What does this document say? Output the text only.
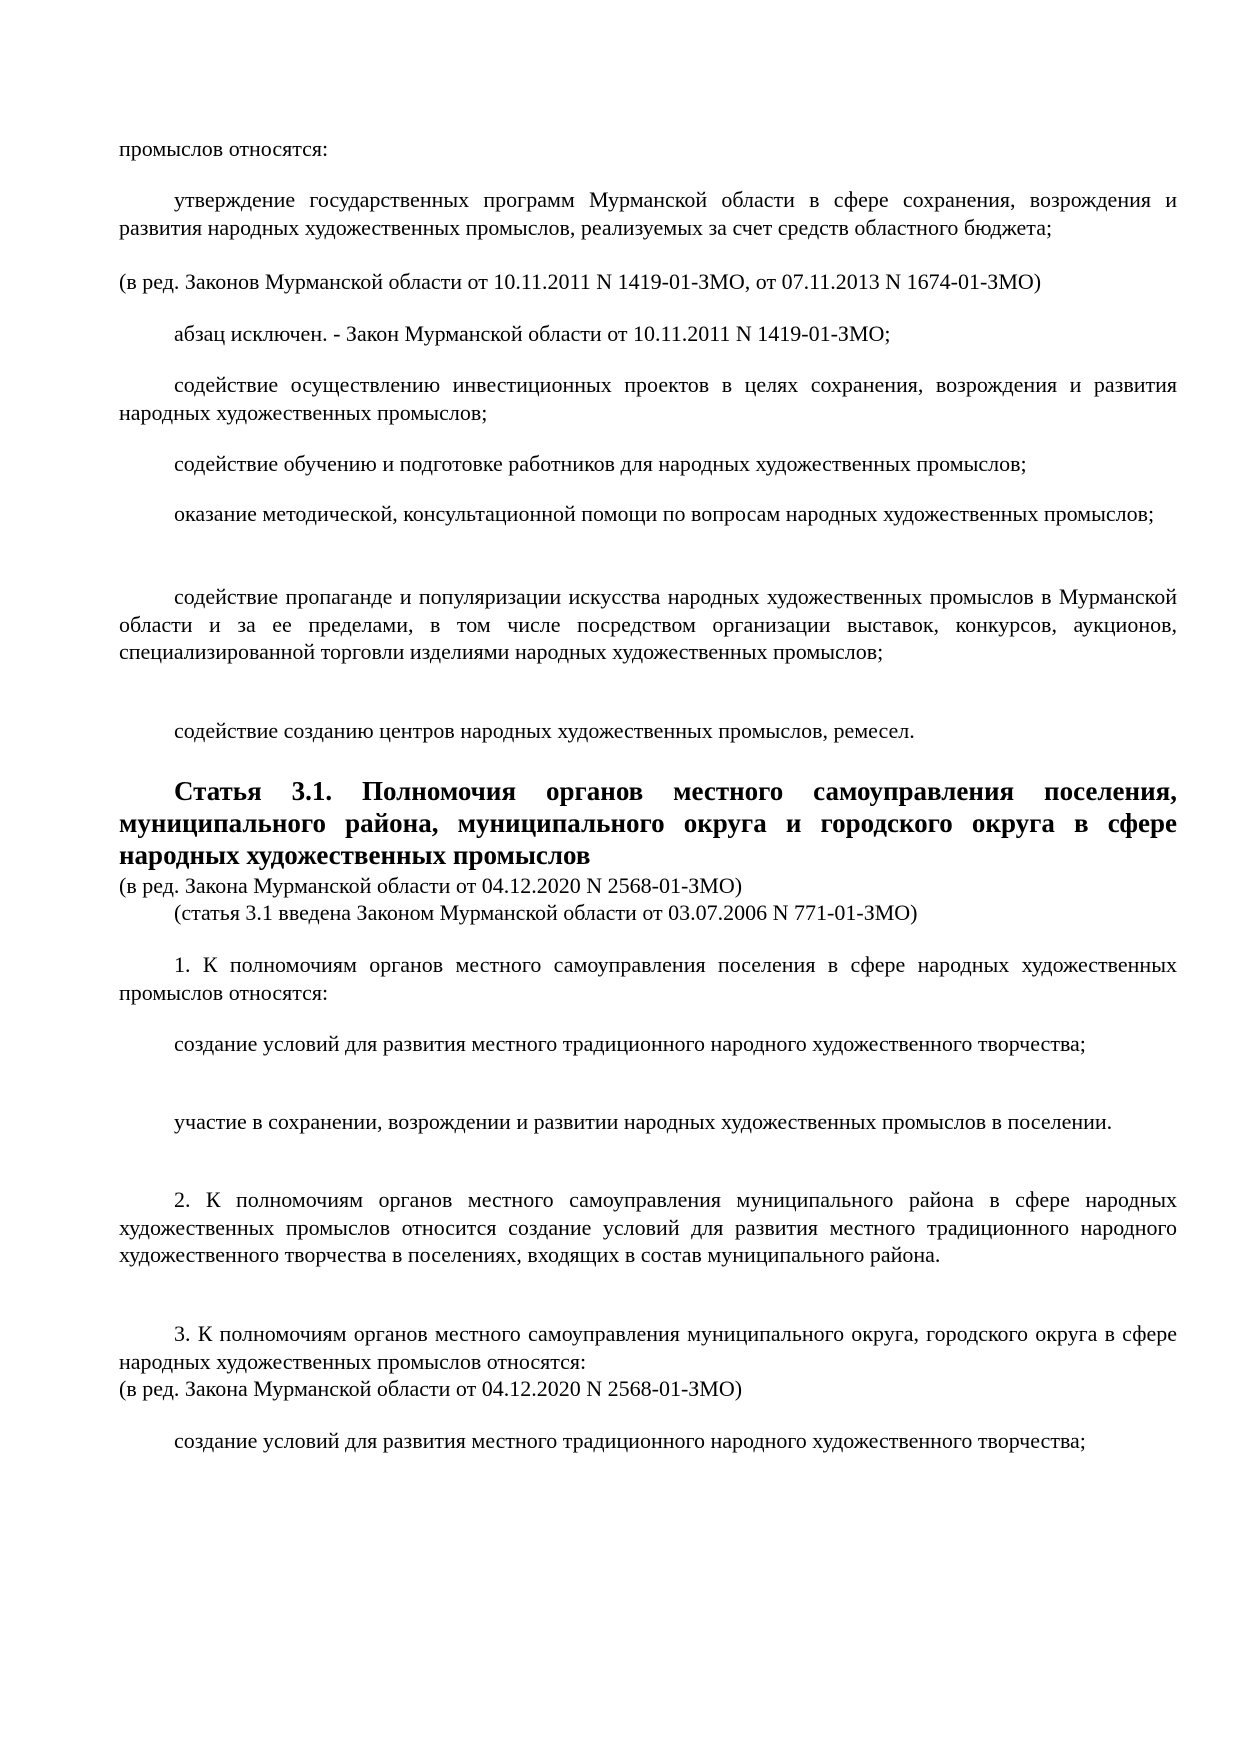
промыслов относятся:
утверждение государственных программ Мурманской области в сфере сохранения, возрождения и развития народных художественных промыслов, реализуемых за счет средств областного бюджета;
(в ред. Законов Мурманской области от 10.11.2011 N 1419-01-ЗМО, от 07.11.2013 N 1674-01-ЗМО)
абзац исключен. - Закон Мурманской области от 10.11.2011 N 1419-01-ЗМО;
содействие осуществлению инвестиционных проектов в целях сохранения, возрождения и развития народных художественных промыслов;
содействие обучению и подготовке работников для народных художественных промыслов;
оказание методической, консультационной помощи по вопросам народных художественных промыслов;
содействие пропаганде и популяризации искусства народных художественных промыслов в Мурманской области и за ее пределами, в том числе посредством организации выставок, конкурсов, аукционов, специализированной торговли изделиями народных художественных промыслов;
содействие созданию центров народных художественных промыслов, ремесел.
Статья 3.1. Полномочия органов местного самоуправления поселения, муниципального района, муниципального округа и городского округа в сфере народных художественных промыслов
(в ред. Закона Мурманской области от 04.12.2020 N 2568-01-ЗМО)
(статья 3.1 введена Законом Мурманской области от 03.07.2006 N 771-01-ЗМО)
1. К полномочиям органов местного самоуправления поселения в сфере народных художественных промыслов относятся:
создание условий для развития местного традиционного народного художественного творчества;
участие в сохранении, возрождении и развитии народных художественных промыслов в поселении.
2. К полномочиям органов местного самоуправления муниципального района в сфере народных художественных промыслов относится создание условий для развития местного традиционного народного художественного творчества в поселениях, входящих в состав муниципального района.
3. К полномочиям органов местного самоуправления муниципального округа, городского округа в сфере народных художественных промыслов относятся:
(в ред. Закона Мурманской области от 04.12.2020 N 2568-01-ЗМО)
создание условий для развития местного традиционного народного художественного творчества;
